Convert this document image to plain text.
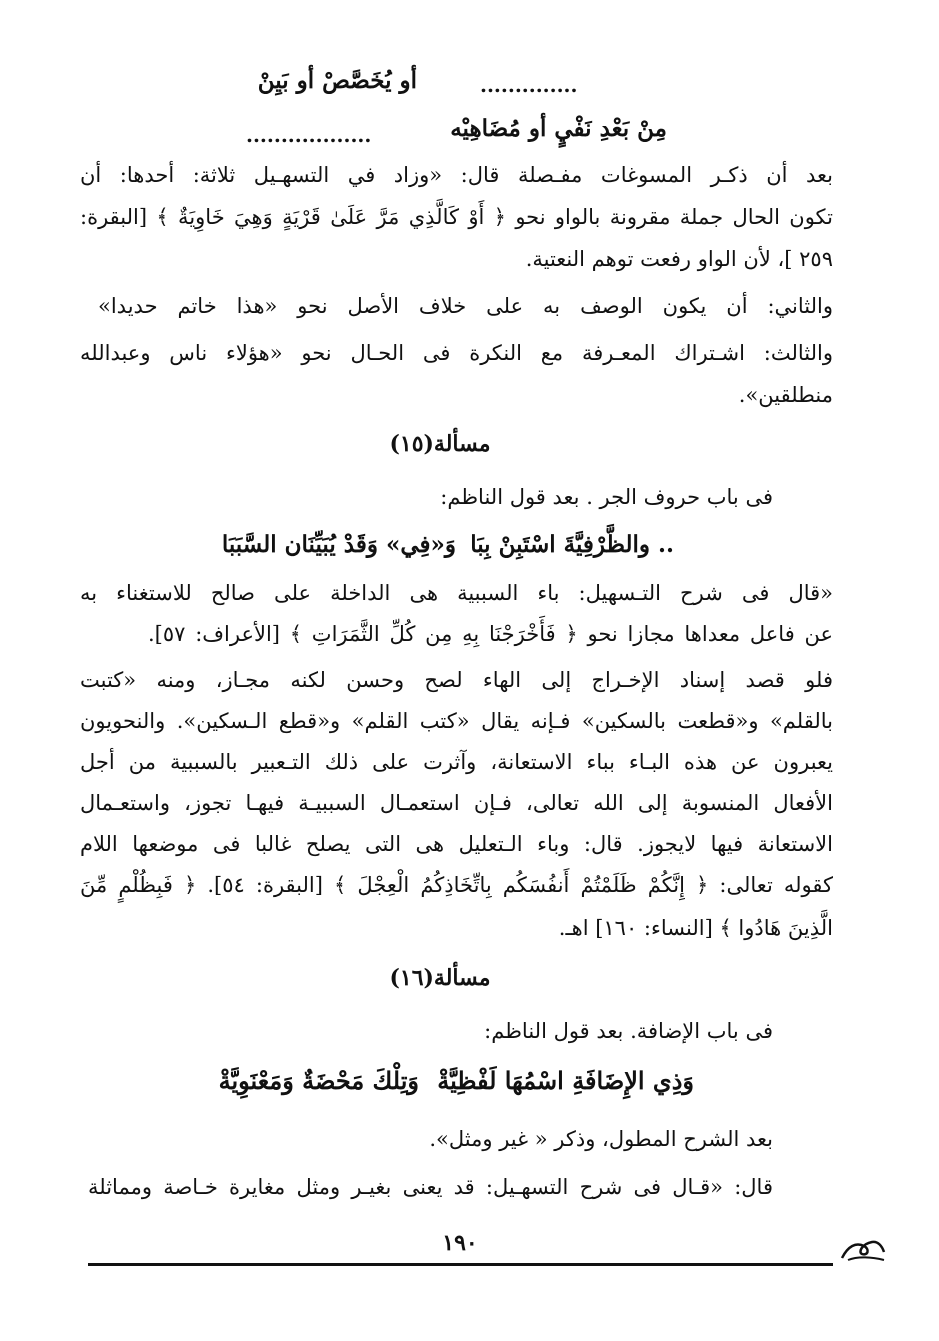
..............
أو يُخَصَّصْ أو بَيِنْ
مِنْ بَعْدِ نَفْيٍ أو مُضَاهِيْه
..................
بعد أن ذكـر المسوغات مفـصلة قال: «وزاد في التسهـيل ثلاثة: أحدها: أن
تكون الحال جملة مقرونة بالواو نحو ﴿ أَوْ كَالَّذِي مَرَّ عَلَىٰ قَرْيَةٍ وَهِيَ خَاوِيَةٌ ﴾ [البقرة:
٢٥٩ ]، لأن الواو رفعت توهم النعتية.
والثاني: أن يكون الوصف به على خلاف الأصل نحو «هذا خاتم حديدا»
والثالث: اشـتراك المعـرفة مع النكرة فى الحـال نحو «هؤلاء ناس وعبدالله
منطلقين».
مسألة(١٥)
فى باب حروف الجر . بعد قول الناظم:
.. والظَّرْفِيَّةَ اسْتَبِنْ بِبَا
وَ«فِي» وَقَدْ يُبَيِّنَان السَّبَبَا
«قال فى شرح التـسهيل: باء السببية هى الداخلة على صالح للاستغناء به
عن فاعل معداها مجازا نحو ﴿ فَأَخْرَجْنَا بِهِ مِن كُلِّ الثَّمَرَاتِ ﴾ [الأعراف: ٥٧].
فلو قصد إسناد الإخـراج إلى الهاء لصح وحسن لكنه مجـاز، ومنه «كتبت
بالقلم» و«قطعت بالسكين» فـإنه يقال «كتب القلم» و«قطع الـسكين». والنحويون
يعبرون عن هذه البـاء بباء الاستعانة، وآثرت على ذلك التـعبير بالسببية من أجل
الأفعال المنسوبة إلى الله تعالى، فـإن استعمـال السببيـة فيهـا تجوز، واستعـمال
الاستعانة فيها لايجوز. قال: وباء الـتعليل هى التى يصلح غالبا فى موضعها اللام
كقوله تعالى: ﴿ إِنَّكُمْ ظَلَمْتُمْ أَنفُسَكُم بِاتِّخَاذِكُمُ الْعِجْلَ ﴾ [البقرة: ٥٤]. ﴿ فَبِظُلْمٍ مِّنَ
الَّذِينَ هَادُوا ﴾ [النساء: ١٦٠] اهـ.
مسألة(١٦)
فى باب الإضافة. بعد قول الناظم:
وَذِي الإِضَافَةِ اسْمُهَا لَفْظِيَّةْ
وَتِلْكَ مَحْضَةٌ وَمَعْنَوِيَّةْ
بعد الشرح المطول، وذكر « غير ومثل».
قال: «قـال فى شرح التسهـيل: قد يعنى بغيـر ومثل مغايرة خـاصة ومماثلة
١٩٠
